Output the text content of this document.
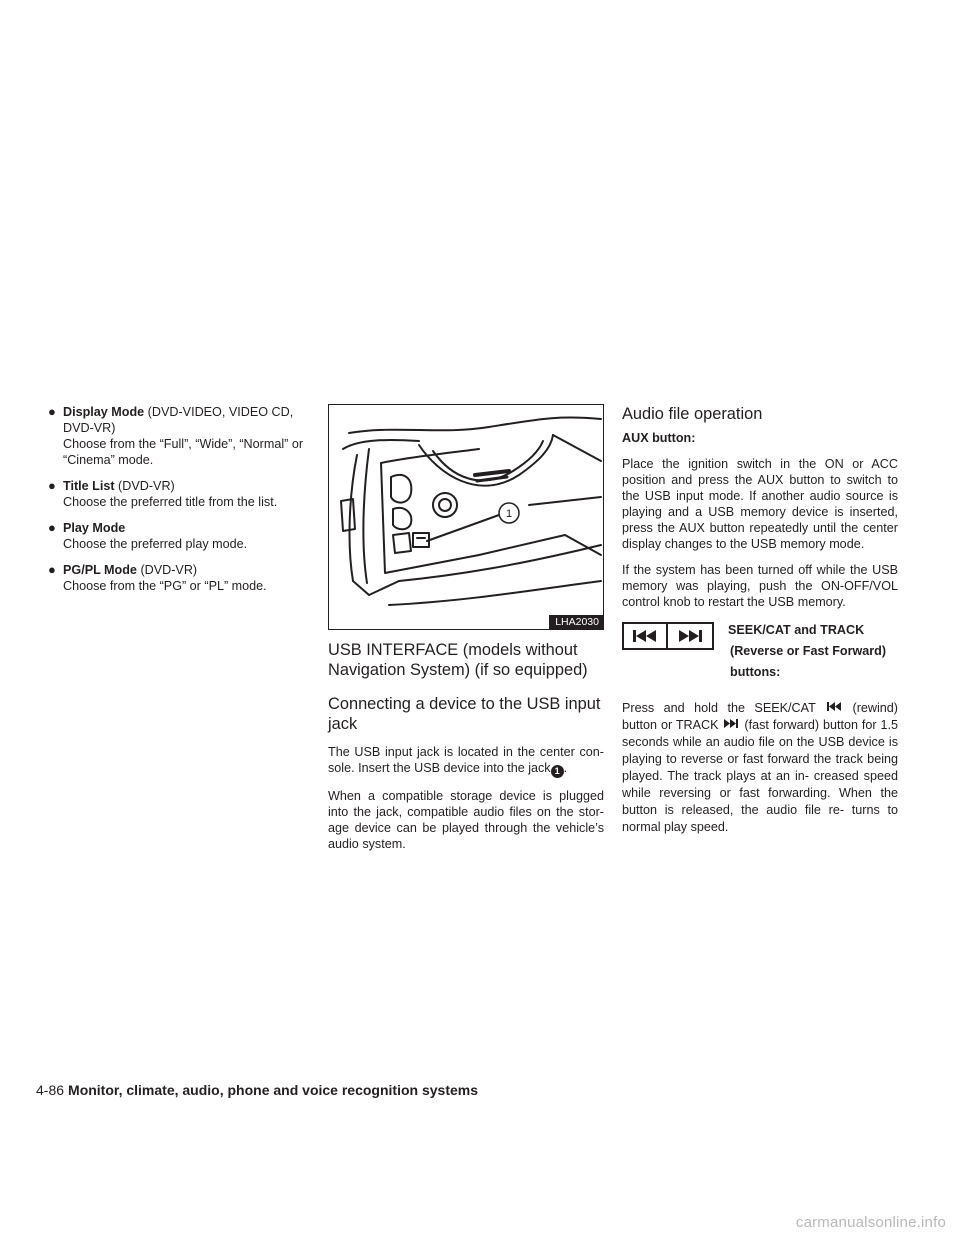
● Display Mode (DVD-VIDEO, VIDEO CD, DVD-VR)
Choose from the “Full”, “Wide”, “Normal” or “Cinema” mode.
● Title List (DVD-VR)
Choose the preferred title from the list.
● Play Mode
Choose the preferred play mode.
● PG/PL Mode (DVD-VR)
Choose from the “PG” or “PL” mode.
1
LHA2030
USB INTERFACE (models without
Navigation System) (if so equipped)
Connecting a device to the USB input
jack

The USB input jack is located in the center con- sole. Insert the USB device into the jack 1 .

When a compatible storage device is plugged into the jack, compatible audio files on the stor- age device can be played through the vehicle’s audio system.

Audio file operation
AUX button:

Place the ignition switch in the ON or ACC position and press the AUX button to switch to the USB input mode. If another audio source is playing and a USB memory device is inserted, press the AUX button repeatedly until the center display changes to the USB memory mode.

If the system has been turned off while the USB memory was playing, push the ON-OFF/VOL control knob to restart the USB memory.

SEEK/CAT and TRACK
(Reverse or Fast Forward)
buttons:

Press and hold the SEEK/CAT	(rewind) button or TRACK (fast forward) button for 1.5 seconds while an audio file on the USB device is playing to reverse or fast forward the track being played. The track plays at an in- creased speed while reversing or fast forwarding. When the button is released, the audio file re- turns to normal play speed.

4-86 Monitor, climate, audio, phone and voice recognition systems
carmanualsonline.info
